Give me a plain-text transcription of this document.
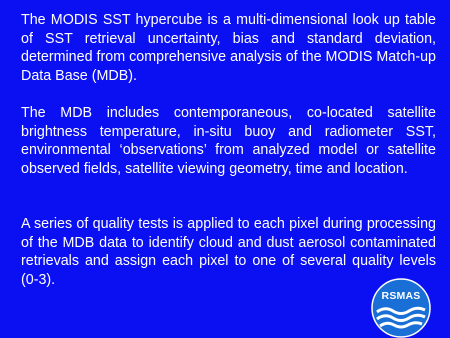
The MODIS SST hypercube is a multi-dimensional look up table of SST retrieval uncertainty, bias and standard deviation, determined from comprehensive analysis of the MODIS Match-up Data Base (MDB).

The MDB includes contemporaneous, co-located satellite brightness temperature, in-situ buoy and radiometer SST, environmental ‘observations’ from analyzed model or satellite observed fields, satellite viewing geometry, time and location.

A series of quality tests is applied to each pixel during processing of the MDB data to identify cloud and dust aerosol contaminated retrievals and assign each pixel to one of several quality levels (0-3).

RSMAS
